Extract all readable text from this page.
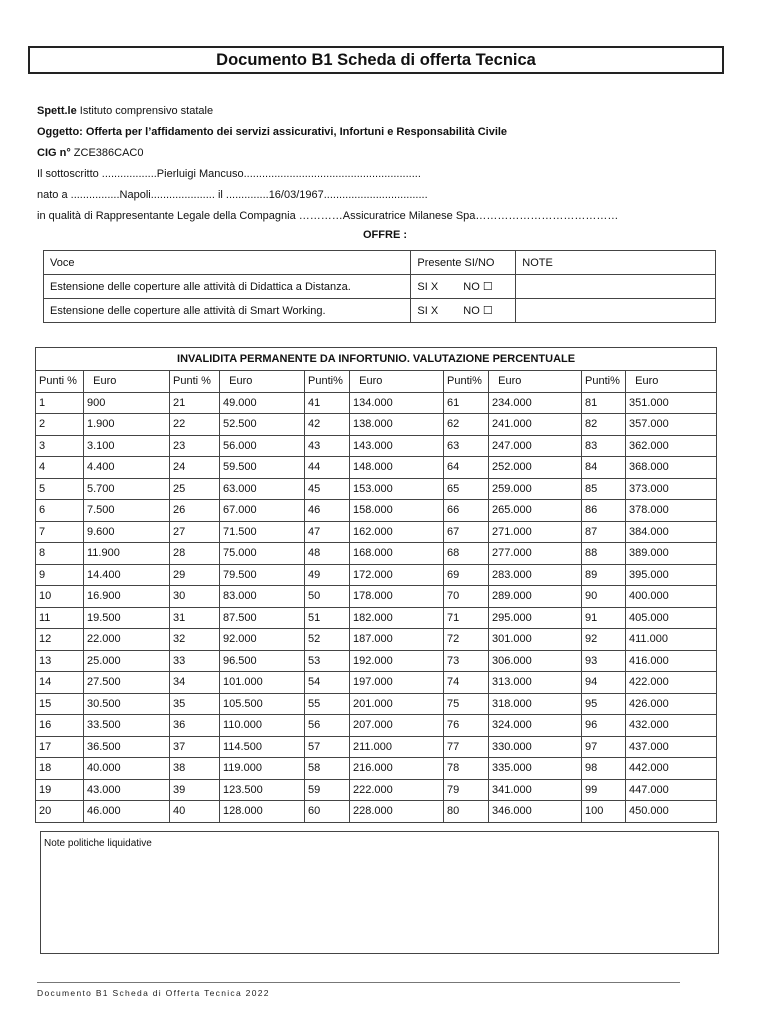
Documento B1 Scheda di offerta Tecnica
Spett.le Istituto comprensivo statale
Oggetto: Offerta per l’affidamento dei servizi assicurativi, Infortuni e Responsabilità Civile
CIG n° ZCE386CAC0
Il sottoscritto ..................Pierluigi Mancuso..........................................................
nato a ................Napoli..................... il ..............16/03/1967..................................
in qualità di Rappresentante Legale della Compagnia …………Assicuratrice Milanese Spa…………………………………
OFFRE :
Voce	Presente SI/NO	NOTE
Estensione delle coperture alle attività di Didattica a Distanza.	SI X NO ☐	
Estensione delle coperture alle attività di Smart Working.	SI X NO ☐	
INVALIDITA PERMANENTE DA INFORTUNIO. VALUTAZIONE PERCENTUALE									
Punti %	Euro	Punti %	Euro	Punti%	Euro	Punti%	Euro	Punti%	Euro
1	900	21	49.000	41	134.000	61	234.000	81	351.000
2	1.900	22	52.500	42	138.000	62	241.000	82	357.000
3	3.100	23	56.000	43	143.000	63	247.000	83	362.000
4	4.400	24	59.500	44	148.000	64	252.000	84	368.000
5	5.700	25	63.000	45	153.000	65	259.000	85	373.000
6	7.500	26	67.000	46	158.000	66	265.000	86	378.000
7	9.600	27	71.500	47	162.000	67	271.000	87	384.000
8	11.900	28	75.000	48	168.000	68	277.000	88	389.000
9	14.400	29	79.500	49	172.000	69	283.000	89	395.000
10	16.900	30	83.000	50	178.000	70	289.000	90	400.000
11	19.500	31	87.500	51	182.000	71	295.000	91	405.000
12	22.000	32	92.000	52	187.000	72	301.000	92	411.000
13	25.000	33	96.500	53	192.000	73	306.000	93	416.000
14	27.500	34	101.000	54	197.000	74	313.000	94	422.000
15	30.500	35	105.500	55	201.000	75	318.000	95	426.000
16	33.500	36	110.000	56	207.000	76	324.000	96	432.000
17	36.500	37	114.500	57	211.000	77	330.000	97	437.000
18	40.000	38	119.000	58	216.000	78	335.000	98	442.000
19	43.000	39	123.500	59	222.000	79	341.000	99	447.000
20	46.000	40	128.000	60	228.000	80	346.000	100	450.000
Note politiche liquidative
Documento B1 Scheda di Offerta Tecnica 2022
